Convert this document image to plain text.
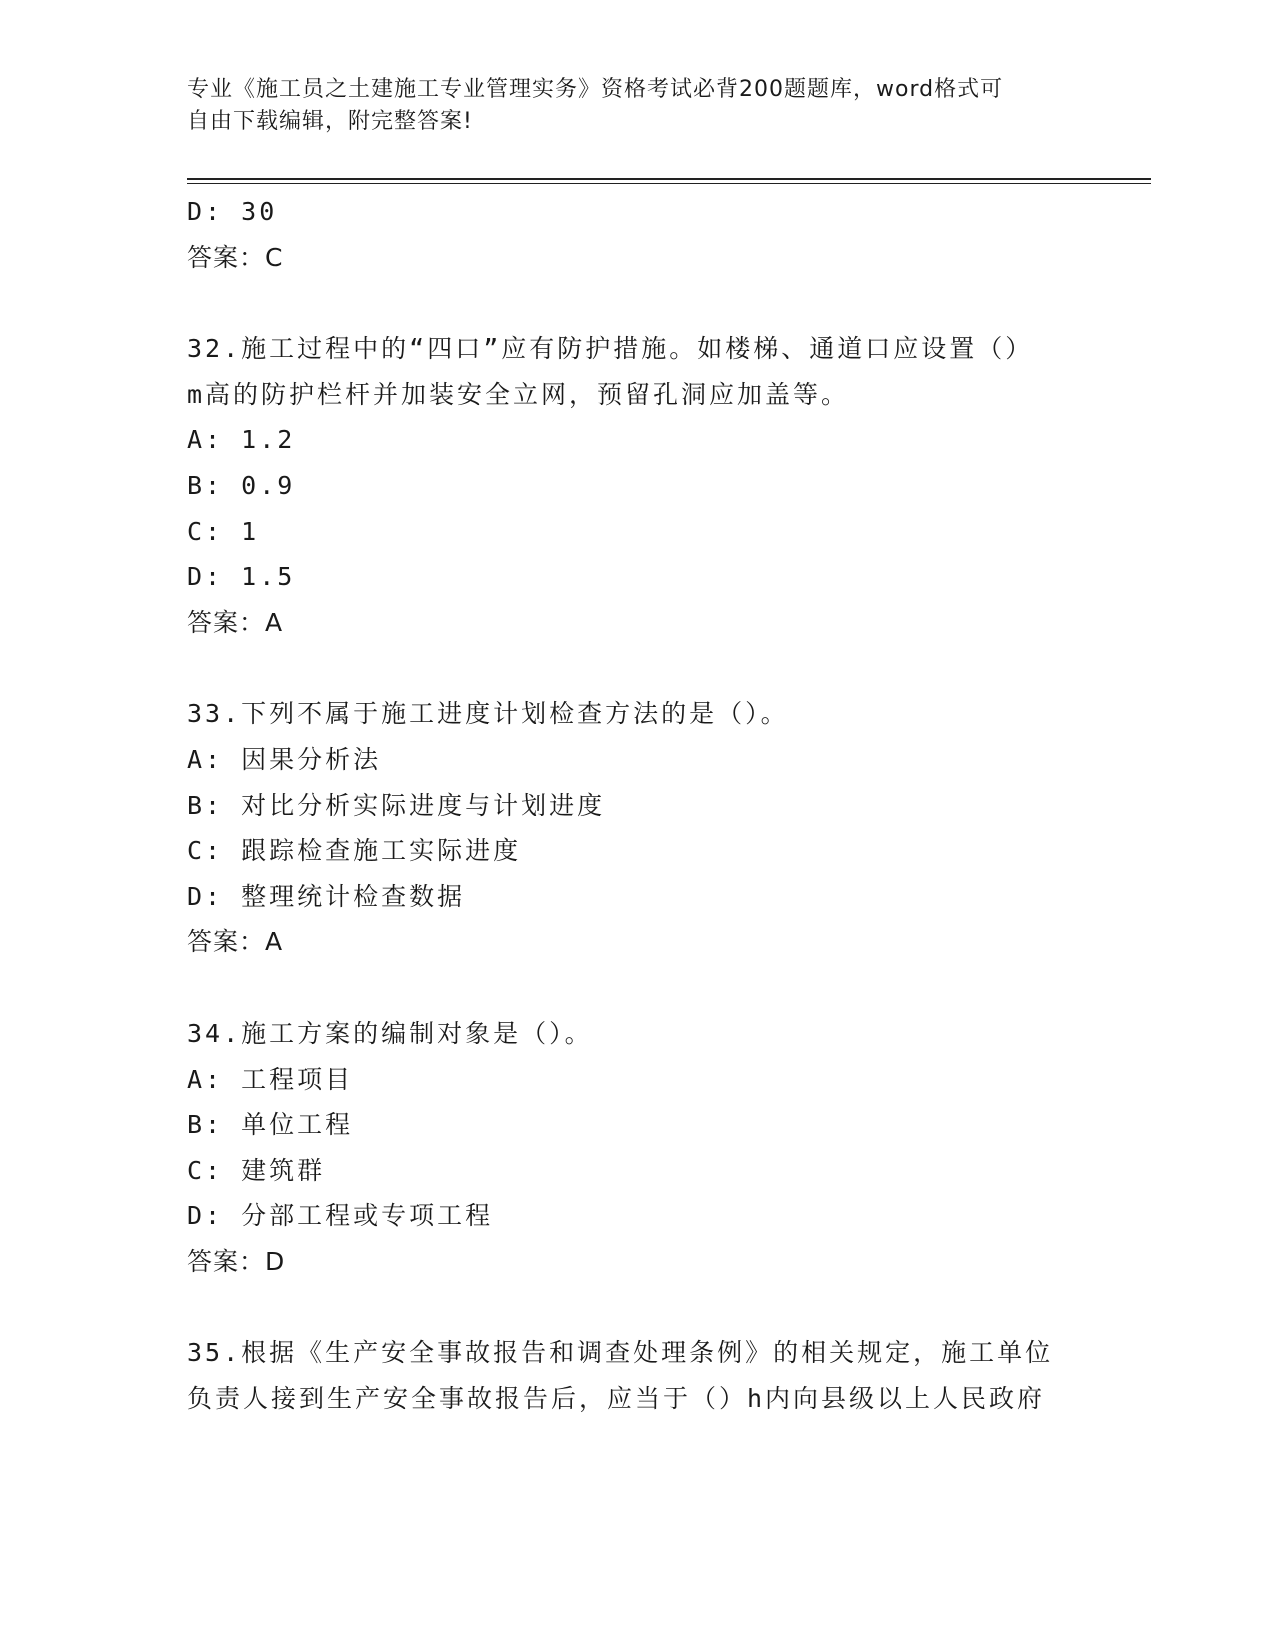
专业《施工员之土建施工专业管理实务》资格考试必背200题题库，word格式可
自由下载编辑，附完整答案!
D: 30
答案：C
32.施工过程中的“四口”应有防护措施。如楼梯、通道口应设置（）
m高的防护栏杆并加装安全立网，预留孔洞应加盖等。
A: 1.2
B: 0.9
C: 1
D: 1.5
答案：A
33.下列不属于施工进度计划检查方法的是（）。
A: 因果分析法
B: 对比分析实际进度与计划进度
C: 跟踪检查施工实际进度
D: 整理统计检查数据
答案：A
34.施工方案的编制对象是（）。
A: 工程项目
B: 单位工程
C: 建筑群
D: 分部工程或专项工程
答案：D
35.根据《生产安全事故报告和调查处理条例》的相关规定，施工单位
负责人接到生产安全事故报告后，应当于（）h内向县级以上人民政府
